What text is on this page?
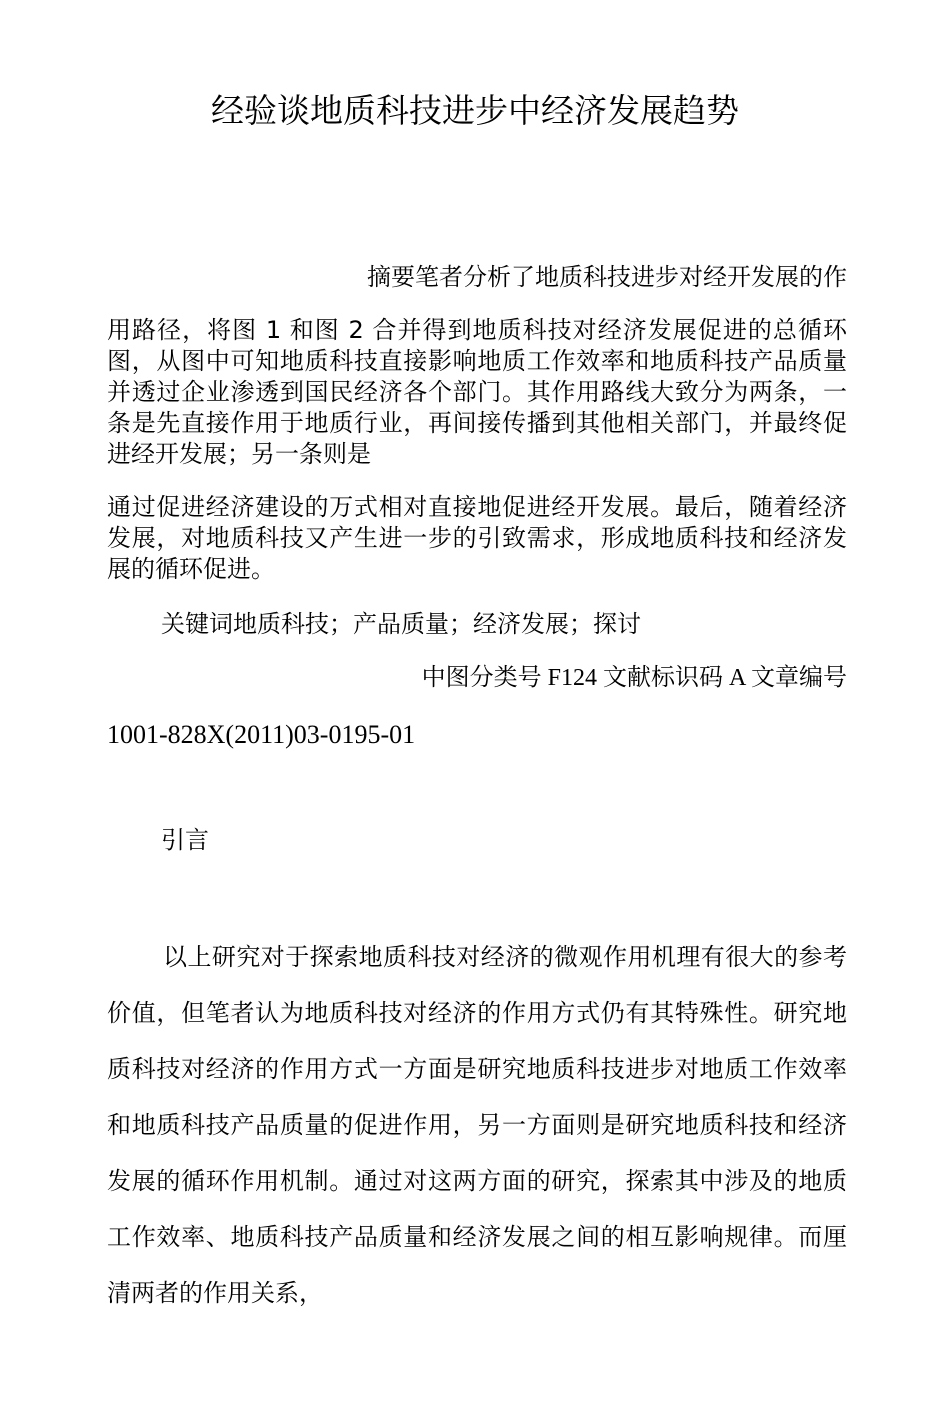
经验谈地质科技进步中经济发展趋势

摘要笔者分析了地质科技进步对经开发展的作

用路径，将图 1 和图 2 合并得到地质科技对经济发展促进的总循环图，从图中可知地质科技直接影响地质工作效率和地质科技产品质量并透过企业渗透到国民经济各个部门。其作用路线大致分为两条，一条是先直接作用于地质行业，再间接传播到其他相关部门，并最终促进经开发展；另一条则是

通过促进经济建设的万式相对直接地促进经开发展。最后，随着经济发展，对地质科技又产生进一步的引致需求，形成地质科技和经济发展的循环促进。

关键词地质科技；产品质量；经济发展；探讨

中图分类号 F124 文献标识码 A 文章编号

1001-828X(2011)03-0195-01

引言

以上研究对于探索地质科技对经济的微观作用机理有很大的参考价值，但笔者认为地质科技对经济的作用方式仍有其特殊性。研究地质科技对经济的作用方式一方面是研究地质科技进步对地质工作效率和地质科技产品质量的促进作用，另一方面则是研究地质科技和经济发展的循环作用机制。通过对这两方面的研究，探索其中涉及的地质工作效率、地质科技产品质量和经济发展之间的相互影响规律。而厘清两者的作用关系，
